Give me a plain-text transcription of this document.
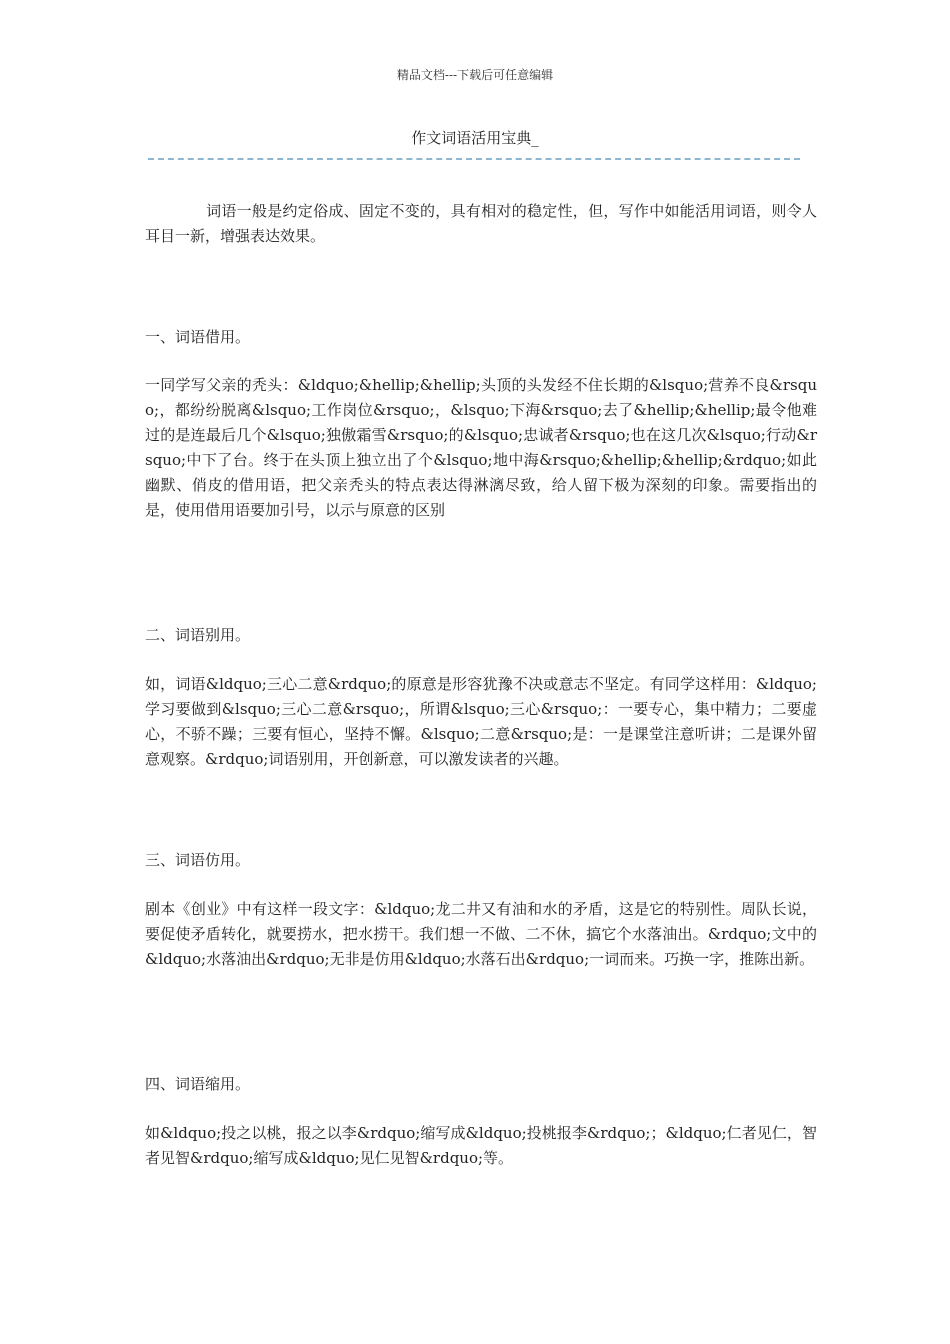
精品文档---下载后可任意编辑
作文词语活用宝典_

　　　　词语一般是约定俗成、固定不变的，具有相对的稳定性，但，写作中如能活用词语，则令人耳目一新，增强表达效果。

一、词语借用。

一同学写父亲的秃头：&ldquo;&hellip;&hellip;头顶的头发经不住长期的&lsquo;营养不良&rsquo;，都纷纷脱离&lsquo;工作岗位&rsquo;，&lsquo;下海&rsquo;去了&hellip;&hellip;最令他难过的是连最后几个&lsquo;独傲霜雪&rsquo;的&lsquo;忠诚者&rsquo;也在这几次&lsquo;行动&rsquo;中下了台。终于在头顶上独立出了个&lsquo;地中海&rsquo;&hellip;&hellip;&rdquo;如此幽默、俏皮的借用语，把父亲秃头的特点表达得淋漓尽致，给人留下极为深刻的印象。需要指出的是，使用借用语要加引号，以示与原意的区别

二、词语别用。

如，词语&ldquo;三心二意&rdquo;的原意是形容犹豫不决或意志不坚定。有同学这样用：&ldquo;学习要做到&lsquo;三心二意&rsquo;，所谓&lsquo;三心&rsquo;：一要专心，集中精力；二要虚心，不骄不躁；三要有恒心，坚持不懈。&lsquo;二意&rsquo;是：一是课堂注意听讲；二是课外留意观察。&rdquo;词语别用，开创新意，可以激发读者的兴趣。

三、词语仿用。

剧本《创业》中有这样一段文字：&ldquo;龙二井又有油和水的矛盾，这是它的特别性。周队长说，要促使矛盾转化，就要捞水，把水捞干。我们想一不做、二不休，搞它个水落油出。&rdquo;文中的&ldquo;水落油出&rdquo;无非是仿用&ldquo;水落石出&rdquo;一词而来。巧换一字，推陈出新。

四、词语缩用。

如&ldquo;投之以桃，报之以李&rdquo;缩写成&ldquo;投桃报李&rdquo;；&ldquo;仁者见仁，智者见智&rdquo;缩写成&ldquo;见仁见智&rdquo;等。
